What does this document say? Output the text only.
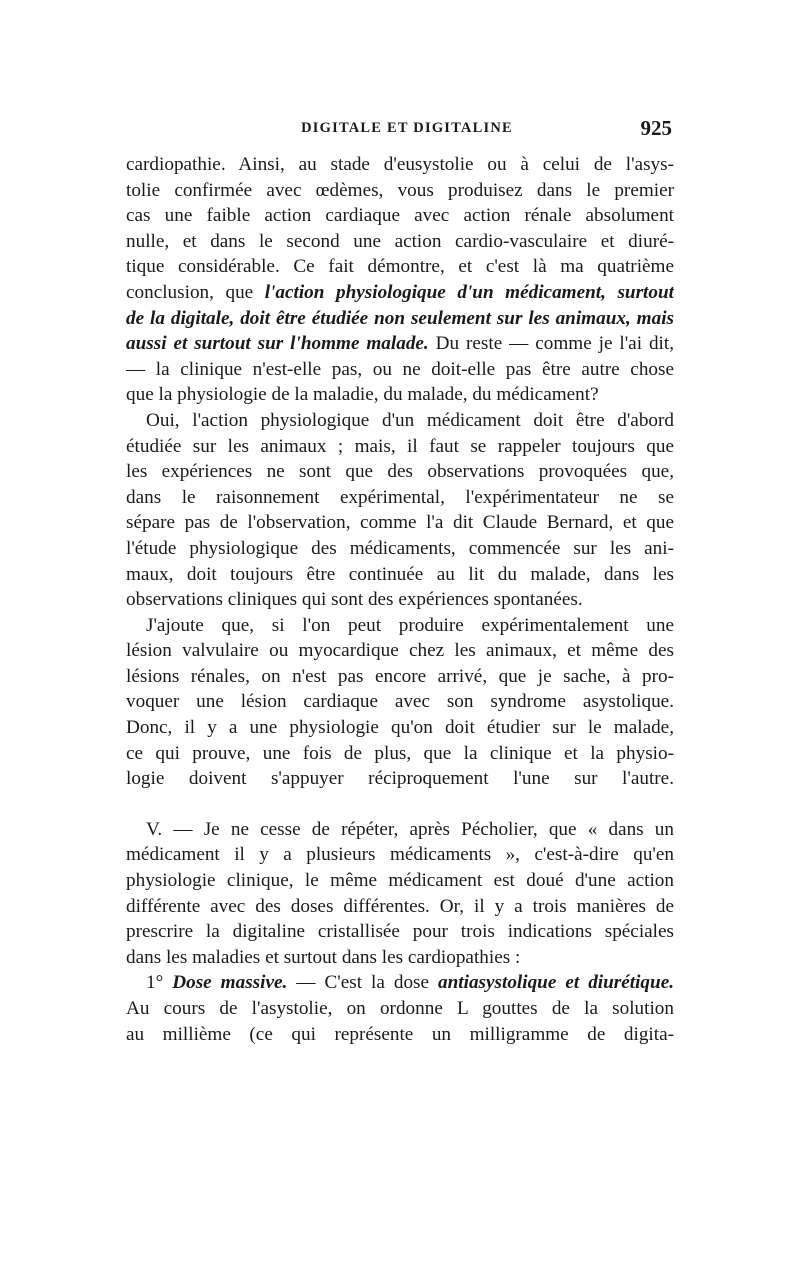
DIGITALE ET DIGITALINE	925
cardiopathie. Ainsi, au stade d'eusystolie ou à celui de l'asys-
tolie confirmée avec œdèmes, vous produisez dans le premier
cas une faible action cardiaque avec action rénale absolument
nulle, et dans le second une action cardio-vasculaire et diuré-
tique considérable. Ce fait démontre, et c'est là ma quatrième
conclusion, que l'action physiologique d'un médicament, surtout
de la digitale, doit être étudiée non seulement sur les animaux, mais
aussi et surtout sur l'homme malade. Du reste — comme je l'ai dit,
— la clinique n'est-elle pas, ou ne doit-elle pas être autre chose
que la physiologie de la maladie, du malade, du médicament?
Oui, l'action physiologique d'un médicament doit être d'abord
étudiée sur les animaux ; mais, il faut se rappeler toujours que
les expériences ne sont que des observations provoquées que,
dans le raisonnement expérimental, l'expérimentateur ne se
sépare pas de l'observation, comme l'a dit Claude Bernard, et que
l'étude physiologique des médicaments, commencée sur les ani-
maux, doit toujours être continuée au lit du malade, dans les
observations cliniques qui sont des expériences spontanées.
J'ajoute que, si l'on peut produire expérimentalement une
lésion valvulaire ou myocardique chez les animaux, et même des
lésions rénales, on n'est pas encore arrivé, que je sache, à pro-
voquer une lésion cardiaque avec son syndrome asystolique.
Donc, il y a une physiologie qu'on doit étudier sur le malade,
ce qui prouve, une fois de plus, que la clinique et la physio-
logie doivent s'appuyer réciproquement l'une sur l'autre.
V. — Je ne cesse de répéter, après Pécholier, que « dans un
médicament il y a plusieurs médicaments », c'est-à-dire qu'en
physiologie clinique, le même médicament est doué d'une action
différente avec des doses différentes. Or, il y a trois manières de
prescrire la digitaline cristallisée pour trois indications spéciales
dans les maladies et surtout dans les cardiopathies :
1° Dose massive. — C'est la dose antiasystolique et diurétique.
Au cours de l'asystolie, on ordonne L gouttes de la solution
au millième (ce qui représente un milligramme de digita-
